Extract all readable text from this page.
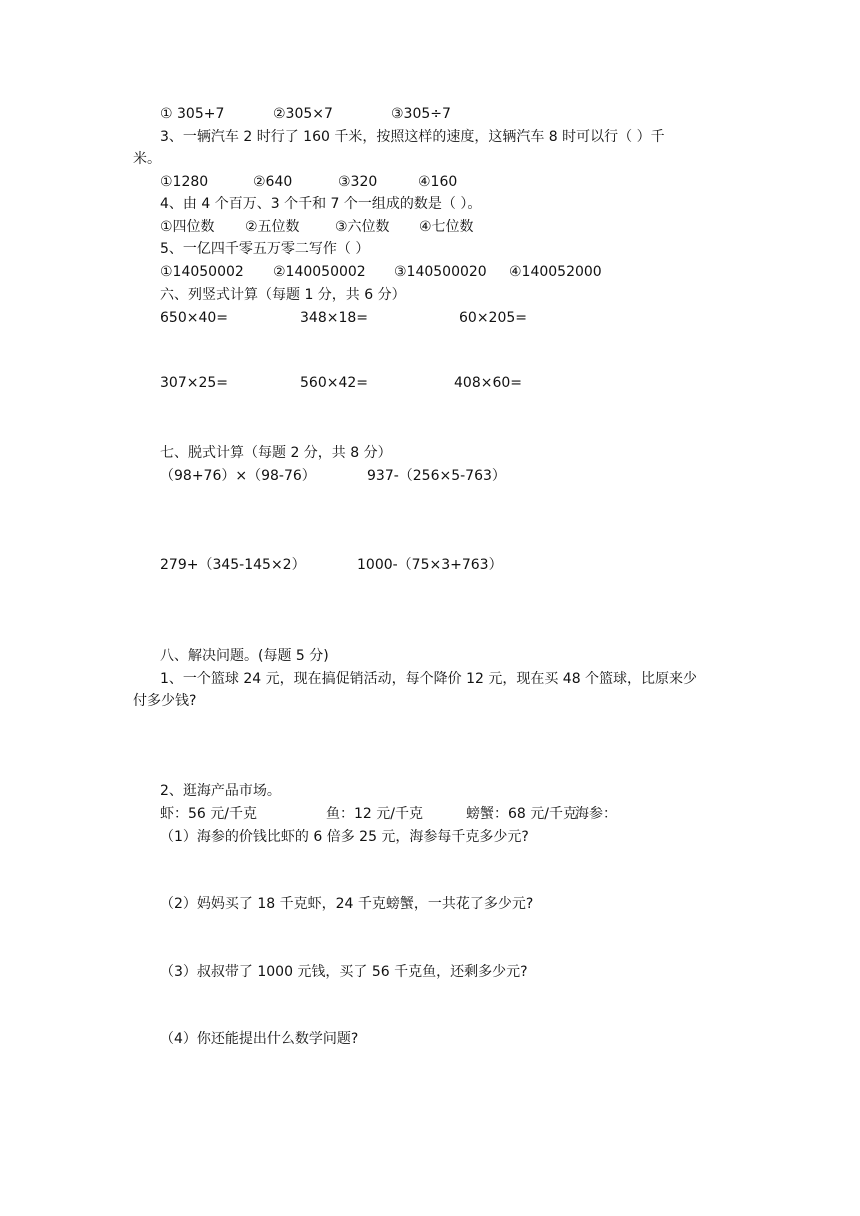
① 305+7	②305×7	③305÷7
3、一辆汽车 2 时行了 160 千米，按照这样的速度，这辆汽车 8 时可以行（ ）千
米。
①1280	②640	③320	④160
4、由 4 个百万、3 个千和 7 个一组成的数是（ ）。
①四位数 ②五位数	③六位数 ④七位数
5、一亿四千零五万零二写作（ ）
①14050002 ②140050002 ③140500020 ④140052000
六、列竖式计算（每题 1 分，共 6 分）
650×40=	348×18=	60×205=
307×25=	560×42=	408×60=
七、脱式计算（每题 2 分，共 8 分）
（98+76）×（98-76）	937-（256×5-763）
279+（345-145×2）	1000-（75×3+763）
八、解决问题。(每题 5 分)
1、一个篮球 24 元，现在搞促销活动，每个降价 12 元，现在买 48 个篮球，比原来少
付多少钱?
2、逛海产品市场。
虾：56 元/千克	鱼：12 元/千克	螃蟹：68 元/千克
海参：
（1）海参的价钱比虾的 6 倍多 25 元，海参每千克多少元?
（2）妈妈买了 18 千克虾，24 千克螃蟹，一共花了多少元?
（3）叔叔带了 1000 元钱，买了 56 千克鱼，还剩多少元?
（4）你还能提出什么数学问题?
